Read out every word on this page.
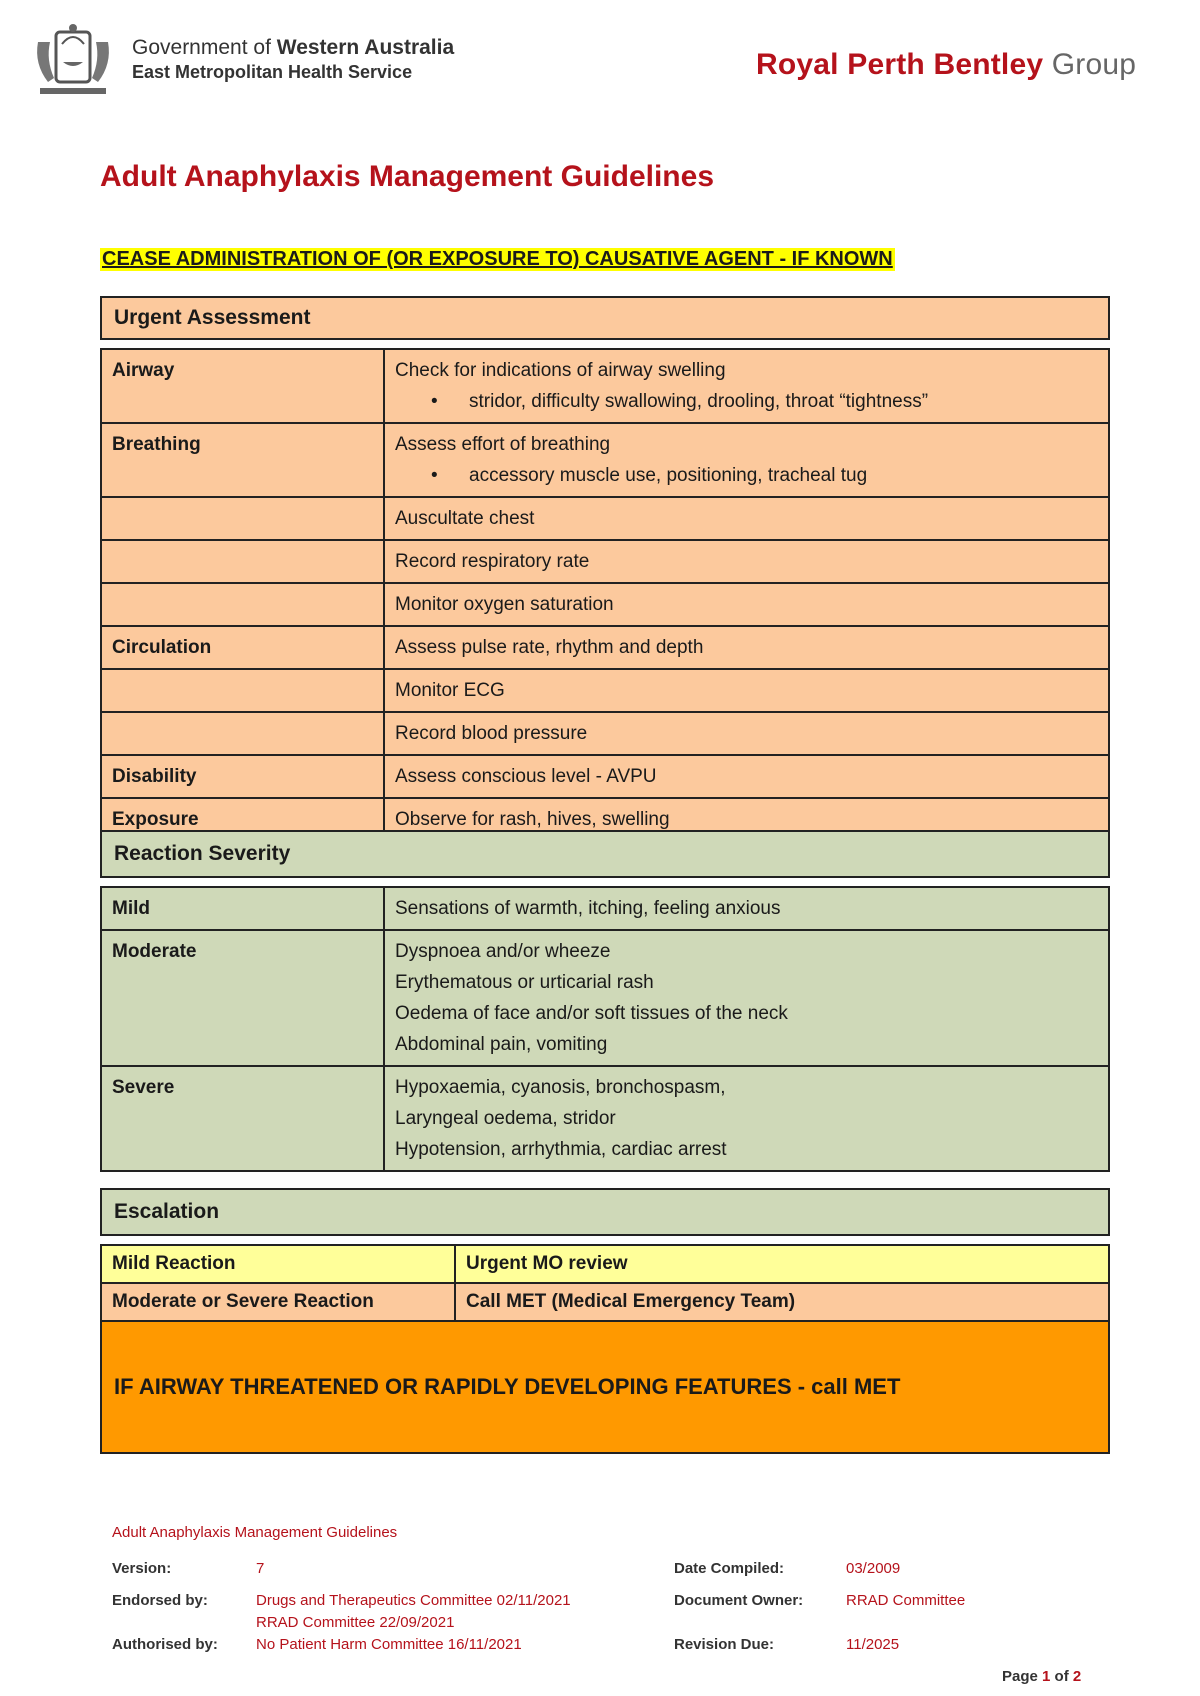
Government of Western Australia
East Metropolitan Health Service	Royal Perth Bentley Group
Adult Anaphylaxis Management Guidelines
CEASE ADMINISTRATION OF (OR EXPOSURE TO) CAUSATIVE AGENT - IF KNOWN
Urgent Assessment
Airway	Check for indications of airway swelling
• stridor, difficulty swallowing, drooling, throat “tightness”

Breathing	Assess effort of breathing
• accessory muscle use, positioning, tracheal tug

	Auscultate chest
	Record respiratory rate
	Monitor oxygen saturation
Circulation	Assess pulse rate, rhythm and depth
	Monitor ECG
	Record blood pressure
Disability	Assess conscious level - AVPU
Exposure	Observe for rash, hives, swelling
Reaction Severity
Mild	Sensations of warmth, itching, feeling anxious

Moderate	Dyspnoea and/or wheeze
Erythematous or urticarial rash
Oedema of face and/or soft tissues of the neck
Abdominal pain, vomiting

Severe	Hypoxaemia, cyanosis, bronchospasm,
Laryngeal oedema, stridor
Hypotension, arrhythmia, cardiac arrest
Escalation
Mild Reaction	Urgent MO review
Moderate or Severe Reaction	Call MET (Medical Emergency Team)
IF AIRWAY THREATENED OR RAPIDLY DEVELOPING FEATURES - call MET
Adult Anaphylaxis Management Guidelines
Version:	7
Endorsed by:	Drugs and Therapeutics Committee 02/11/2021
RRAD Committee 22/09/2021
Authorised by:	No Patient Harm Committee 16/11/2021
Date Compiled:	03/2009
Document Owner:	RRAD Committee
Revision Due:	11/2025
Page 1 of 2
